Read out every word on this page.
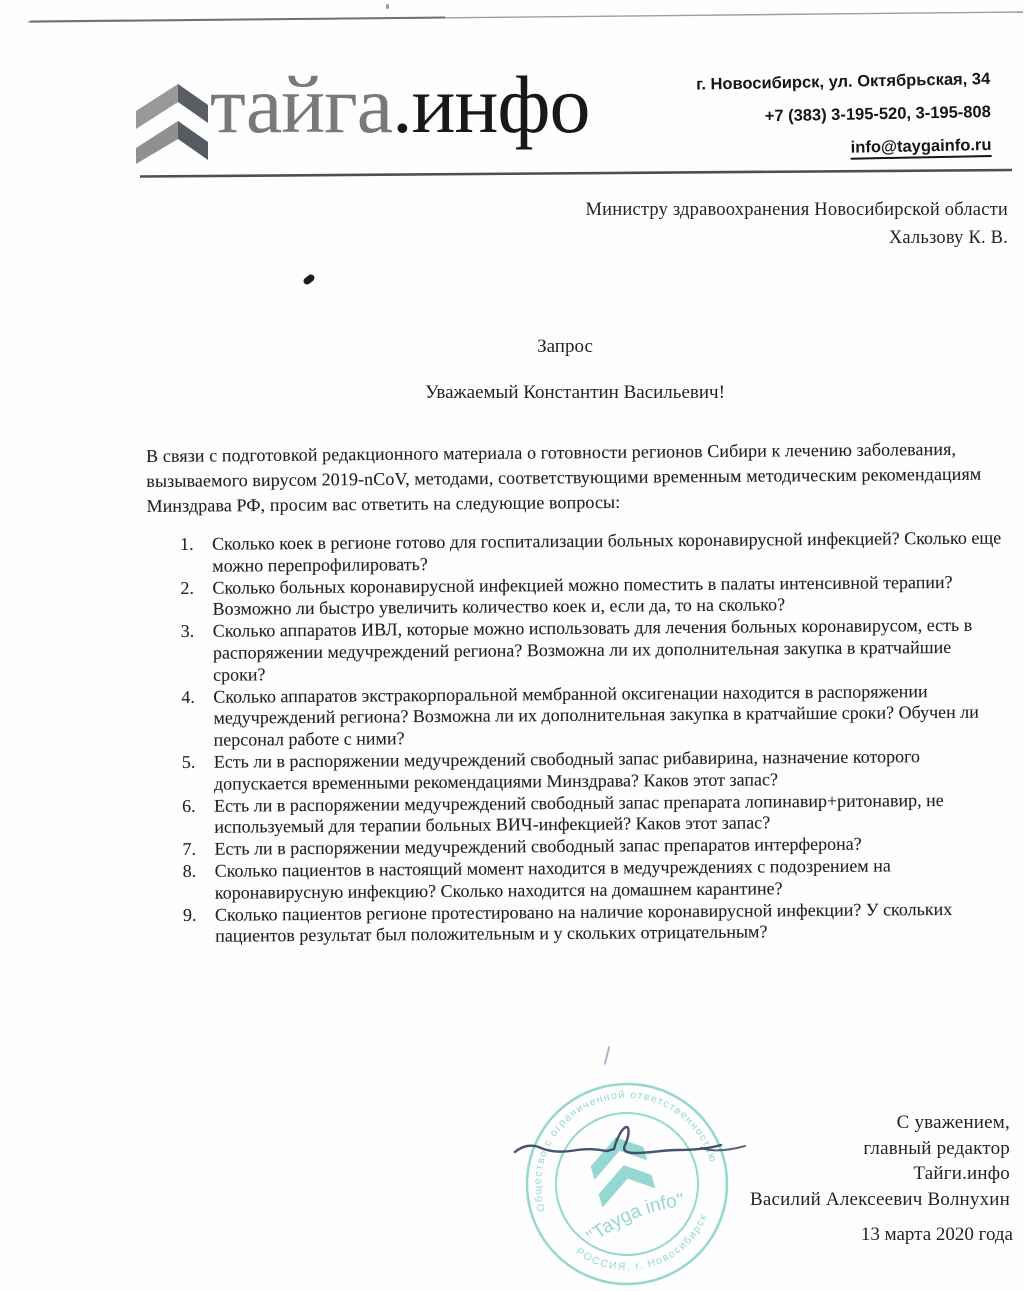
тайга.инфо	г. Новосибирск, ул. Октябрьская, 34
+7 (383) 3-195-520, 3-195-808
info@taygainfo.ru
Министру здравоохранения Новосибирской области
Хальзову К. В.
Запрос
Уважаемый Константин Васильевич!
В связи с подготовкой редакционного материала о готовности регионов Сибири к лечению заболевания, вызываемого вирусом 2019-nCoV, методами, соответствующими временным методическим рекомендациям Минздрава РФ, просим вас ответить на следующие вопросы:
1.	Сколько коек в регионе готово для госпитализации больных коронавирусной инфекцией? Сколько еще можно перепрофилировать?
2.	Сколько больных коронавирусной инфекцией можно поместить в палаты интенсивной терапии? Возможно ли быстро увеличить количество коек и, если да, то на сколько?
3.	Сколько аппаратов ИВЛ, которые можно использовать для лечения больных коронавирусом, есть в распоряжении медучреждений региона? Возможна ли их дополнительная закупка в кратчайшие сроки?
4.	Сколько аппаратов экстракорпоральной мембранной оксигенации находится в распоряжении медучреждений региона? Возможна ли их дополнительная закупка в кратчайшие сроки? Обучен ли персонал работе с ними?
5.	Есть ли в распоряжении медучреждений свободный запас рибавирина, назначение которого допускается временными рекомендациями Минздрава? Каков этот запас?
6.	Есть ли в распоряжении медучреждений свободный запас препарата лопинавир+ритонавир, не используемый для терапии больных ВИЧ-инфекцией? Каков этот запас?
7.	Есть ли в распоряжении медучреждений свободный запас препаратов интерферона?
8.	Сколько пациентов в настоящий момент находится в медучреждениях с подозрением на коронавирусную инфекцию? Сколько находится на домашнем карантине?
9.	Сколько пациентов регионе протестировано на наличие коронавирусной инфекции? У скольких пациентов результат был положительным и у скольких отрицательным?
Общество с ограниченной ответственностью
РОССИЯ, г. Новосибирск
"Tayga info"
С уважением,
главный редактор
Тайги.инфо
Василий Алексеевич Волнухин
13 марта 2020 года
